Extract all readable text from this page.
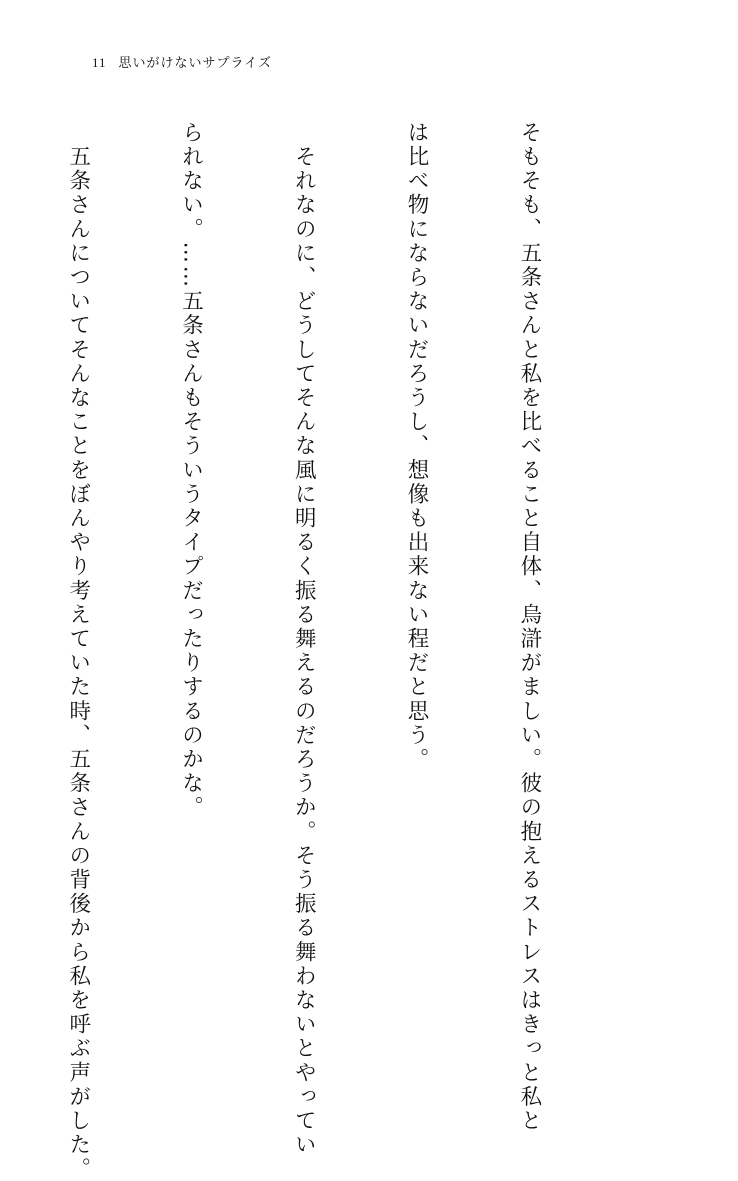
11 思いがけないサプライズ

そもそも、五条さんと私を比べること自体、烏滸がましい。彼の抱えるストレスはきっと私と

は比べ物にならないだろうし、想像も出来ない程だと思う。

　それなのに、どうしてそんな風に明るく振る舞えるのだろうか。そう振る舞わないとやってい

られない。……五条さんもそういうタイプだったりするのかな。

　五条さんについてそんなことをぼんやり考えていた時、五条さんの背後から私を呼ぶ声がした。
